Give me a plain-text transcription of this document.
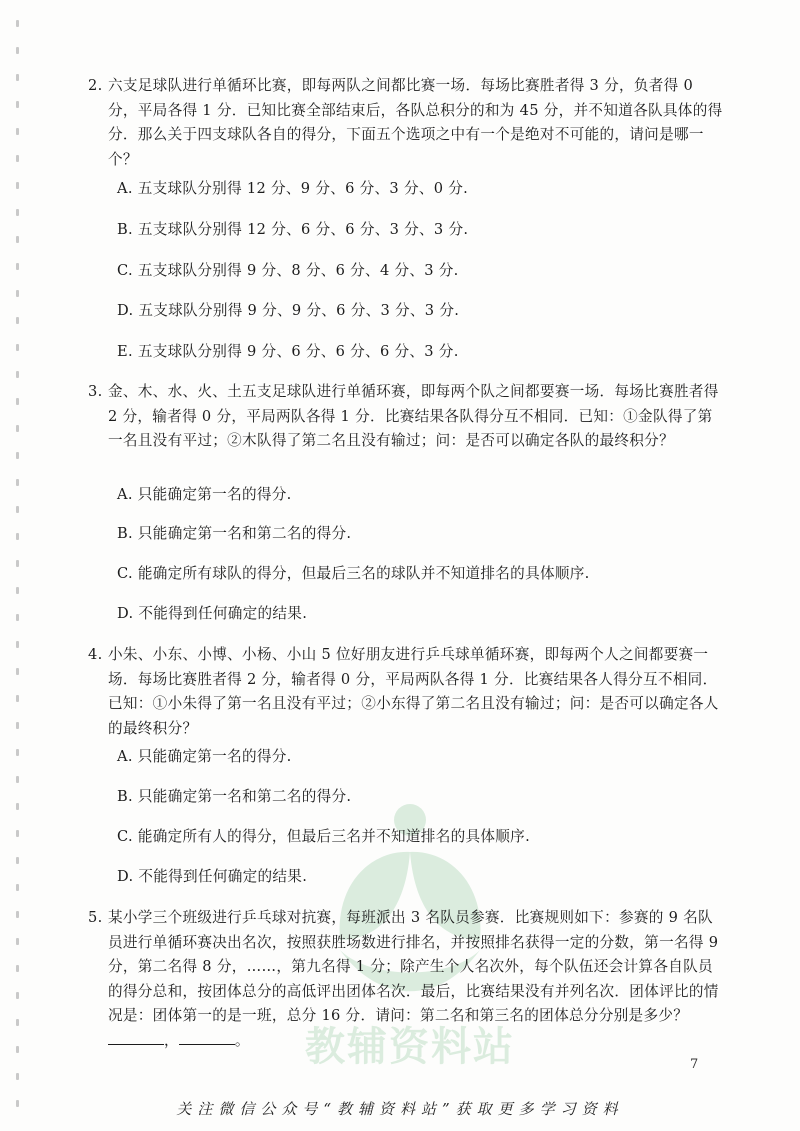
教辅资料站
2. 六支足球队进行单循环比赛，即每两队之间都比赛一场．每场比赛胜者得 3 分，负者得 0 分，平局各得 1 分．已知比赛全部结束后，各队总积分的和为 45 分，并不知道各队具体的得分．那么关于四支球队各自的得分，下面五个选项之中有一个是绝对不可能的，请问是哪一个？
A. 五支球队分别得 12 分、9 分、6 分、3 分、0 分.
B. 五支球队分别得 12 分、6 分、6 分、3 分、3 分.
C. 五支球队分别得 9 分、8 分、6 分、4 分、3 分.
D. 五支球队分别得 9 分、9 分、6 分、3 分、3 分.
E. 五支球队分别得 9 分、6 分、6 分、6 分、3 分.
3. 金、木、水、火、土五支足球队进行单循环赛，即每两个队之间都要赛一场．每场比赛胜者得 2 分，输者得 0 分，平局两队各得 1 分．比赛结果各队得分互不相同．已知：①金队得了第一名且没有平过；②木队得了第二名且没有输过；问：是否可以确定各队的最终积分？
A. 只能确定第一名的得分.
B. 只能确定第一名和第二名的得分.
C. 能确定所有球队的得分，但最后三名的球队并不知道排名的具体顺序.
D. 不能得到任何确定的结果.
4. 小朱、小东、小博、小杨、小山 5 位好朋友进行乒乓球单循环赛，即每两个人之间都要赛一场．每场比赛胜者得 2 分，输者得 0 分，平局两队各得 1 分．比赛结果各人得分互不相同．已知：①小朱得了第一名且没有平过；②小东得了第二名且没有输过；问：是否可以确定各人的最终积分？
A. 只能确定第一名的得分.
B. 只能确定第一名和第二名的得分.
C. 能确定所有人的得分，但最后三名并不知道排名的具体顺序.
D. 不能得到任何确定的结果.
5. 某小学三个班级进行乒乓球对抗赛，每班派出 3 名队员参赛．比赛规则如下：参赛的 9 名队员进行单循环赛决出名次，按照获胜场数进行排名，并按照排名获得一定的分数，第一名得 9 分，第二名得 8 分，……，第九名得 1 分；除产生个人名次外，每个队伍还会计算各自队员的得分总和，按团体总分的高低评出团体名次．最后，比赛结果没有并列名次．团体评比的情况是：团体第一的是一班，总分 16 分．请问：第二名和第三名的团体总分分别是多少？，	。
7
关注微信公众号“教辅资料站”获取更多学习资料
